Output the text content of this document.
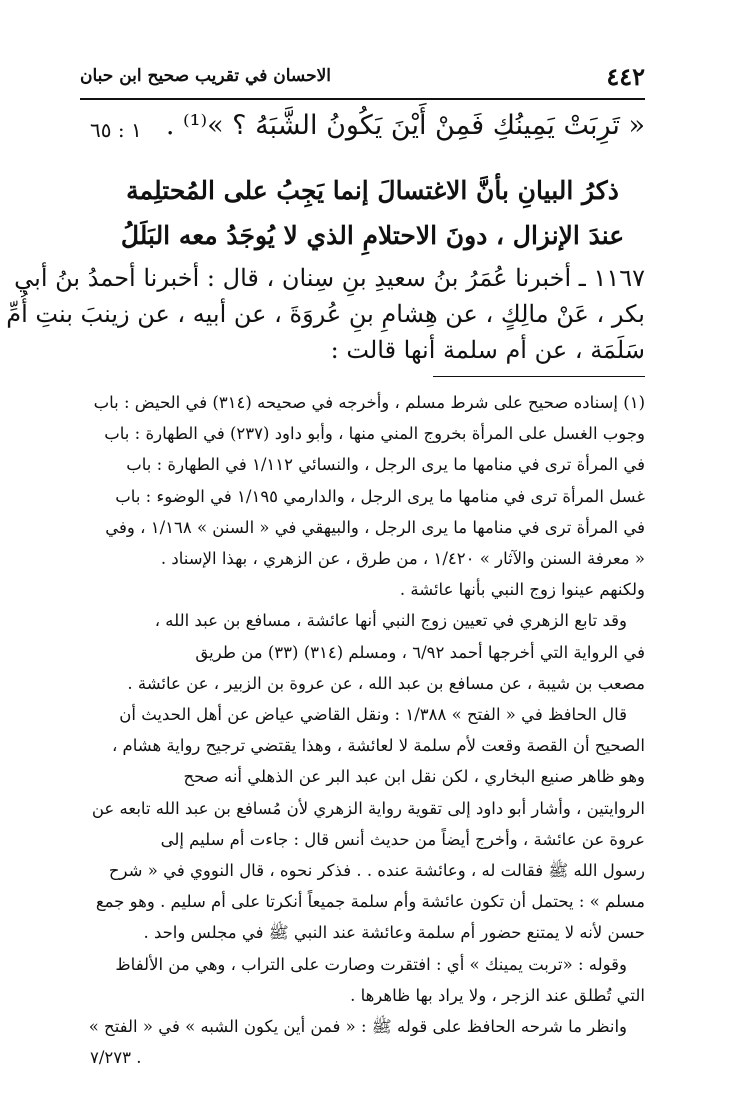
٤٤٢
الاحسان في تقريب صحيح ابن حبان
« تَرِبَتْ يَمِينُكِ فَمِنْ أَيْنَ يَكُونُ الشَّبَهُ ؟ »⁽¹⁾ .
١ : ٦٥
ذكرُ البيانِ بأنَّ الاغتسالَ إنما يَجِبُ على المُحتلِمة
عندَ الإنزال ، دونَ الاحتلامِ الذي لا يُوجَدُ معه البَلَلُ
١١٦٧ ـ أخبرنا عُمَرُ بنُ سعيدِ بنِ سِنان ، قال : أخبرنا أحمدُ بنُ أبي
بكر ، عَنْ مالِكٍ ، عن هِشامِ بنِ عُروَةَ ، عن أبيه ، عن زينبَ بنتِ أُمِّ
سَلَمَة ، عن أم سلمة أنها قالت :
(١) إسناده صحيح على شرط مسلم ، وأخرجه في صحيحه (٣١٤) في الحيض : باب
وجوب الغسل على المرأة بخروج المني منها ، وأبو داود (٢٣٧) في الطهارة : باب
في المرأة ترى في منامها ما يرى الرجل ، والنسائي ١/١١٢ في الطهارة : باب
غسل المرأة ترى في منامها ما يرى الرجل ، والدارمي ١/١٩٥ في الوضوء : باب
في المرأة ترى في منامها ما يرى الرجل ، والبيهقي في « السنن » ١/١٦٨ ، وفي
« معرفة السنن والآثار » ١/٤٢٠ ، من طرق ، عن الزهري ، بهذا الإسناد .
ولكنهم عينوا زوج النبي بأنها عائشة .
وقد تابع الزهري في تعيين زوج النبي أنها عائشة ، مسافع بن عبد الله ،
في الرواية التي أخرجها أحمد ٦/٩٢ ، ومسلم (٣١٤) (٣٣) من طريق
مصعب بن شيبة ، عن مسافع بن عبد الله ، عن عروة بن الزبير ، عن عائشة .
قال الحافظ في « الفتح » ١/٣٨٨ : ونقل القاضي عياض عن أهل الحديث أن
الصحيح أن القصة وقعت لأم سلمة لا لعائشة ، وهذا يقتضي ترجيح رواية هشام ،
وهو ظاهر صنيع البخاري ، لكن نقل ابن عبد البر عن الذهلي أنه صحح
الروايتين ، وأشار أبو داود إلى تقوية رواية الزهري لأن مُسافع بن عبد الله تابعه عن
عروة عن عائشة ، وأخرج أيضاً من حديث أنس قال : جاءت أم سليم إلى
رسول الله ﷺ فقالت له ، وعائشة عنده . . فذكر نحوه ، قال النووي في « شرح
مسلم » : يحتمل أن تكون عائشة وأم سلمة جميعاً أنكرتا على أم سليم . وهو جمع
حسن لأنه لا يمتنع حضور أم سلمة وعائشة عند النبي ﷺ في مجلس واحد .
وقوله : «تربت يمينك » أي : افتقرت وصارت على التراب ، وهي من الألفاظ
التي تُطلق عند الزجر ، ولا يراد بها ظاهرها .
وانظر ما شرحه الحافظ على قوله ﷺ : « فمن أين يكون الشبه » في « الفتح »
٧/٢٧٣ .
